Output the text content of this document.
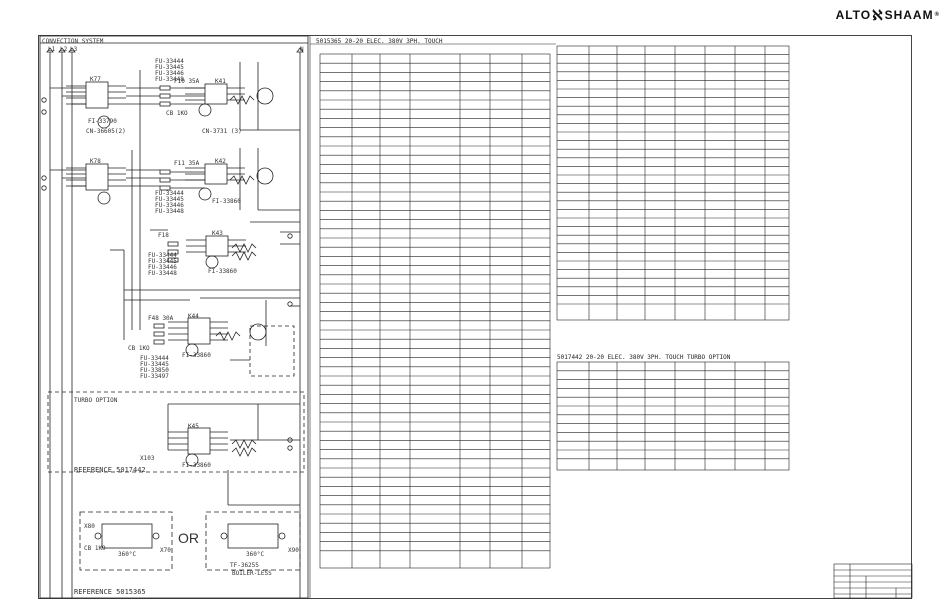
ALTO ℵ SHAAM ®
CONVECTION SYSTEM
L1 L2 L3	N
K77
K78
K41
K42
K43
K44
K45
FU-33444
FU-33445
FU-33446
FU-33448
FU-33444
FU-33445
FU-33446
FU-33448
FU-33444
FU-33445
FU-33446
FU-33448
FU-33444
FU-33445
FU-33850
FU-33497
CN-36605(2)
FI-33790
CN-3731 (3)
FI-33860
FI-33860
FI-33860
FI-33860
TF-36255
360°C	360°C
F10 35A
F11 35A
F18
F48 30A
CB 1KO
CB 1K9
CB 1KO
X103
X80
X70	X90
TURBO OPTION
REFERENCE 5017442
REFERENCE 5015365
BOILER-LESS
OR
5015365 20-20 ELEC. 380V 3PH. TOUCH
5017442 20-20 ELEC. 380V 3PH. TOUCH TURBO OPTION
